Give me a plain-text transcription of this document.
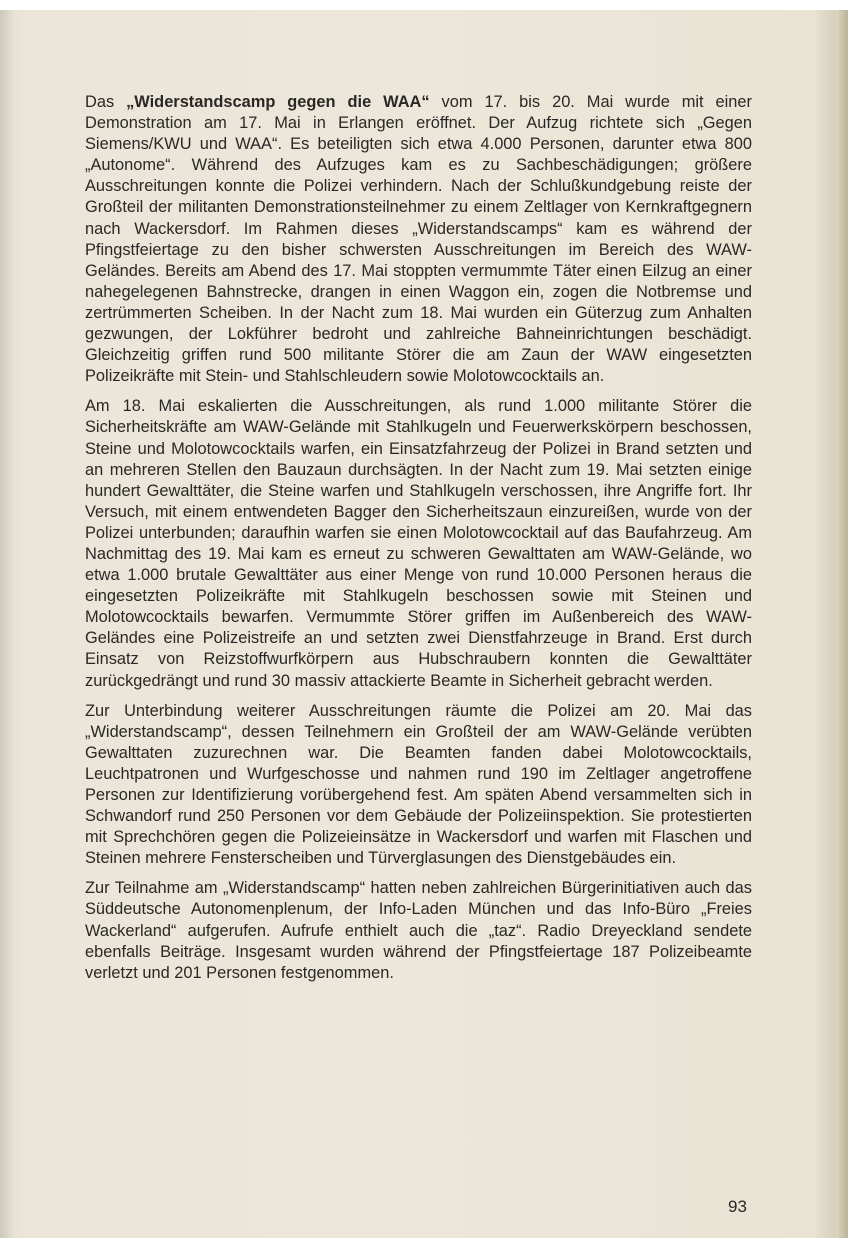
Das „Widerstandscamp gegen die WAA“ vom 17. bis 20. Mai wurde mit einer Demonstration am 17. Mai in Erlangen eröffnet. Der Aufzug richtete sich „Gegen Siemens/KWU und WAA“. Es beteiligten sich etwa 4.000 Personen, darunter etwa 800 „Autonome“. Während des Aufzuges kam es zu Sachbeschädigungen; größere Ausschreitungen konnte die Polizei verhindern. Nach der Schlußkundgebung reiste der Großteil der militanten Demonstrationsteilnehmer zu einem Zeltlager von Kernkraftgegnern nach Wackersdorf. Im Rahmen dieses „Widerstandscamps“ kam es während der Pfingstfeiertage zu den bisher schwersten Ausschreitungen im Bereich des WAW-Geländes. Bereits am Abend des 17. Mai stoppten vermummte Täter einen Eilzug an einer nahegelegenen Bahnstrecke, drangen in einen Waggon ein, zogen die Notbremse und zertrümmerten Scheiben. In der Nacht zum 18. Mai wurden ein Güterzug zum Anhalten gezwungen, der Lokführer bedroht und zahlreiche Bahneinrichtungen beschädigt. Gleichzeitig griffen rund 500 militante Störer die am Zaun der WAW eingesetzten Polizeikräfte mit Stein- und Stahlschleudern sowie Molotowcocktails an.

Am 18. Mai eskalierten die Ausschreitungen, als rund 1.000 militante Störer die Sicherheitskräfte am WAW-Gelände mit Stahlkugeln und Feuerwerkskörpern beschossen, Steine und Molotowcocktails warfen, ein Einsatzfahrzeug der Polizei in Brand setzten und an mehreren Stellen den Bauzaun durchsägten. In der Nacht zum 19. Mai setzten einige hundert Gewalttäter, die Steine warfen und Stahlkugeln verschossen, ihre Angriffe fort. Ihr Versuch, mit einem entwendeten Bagger den Sicherheitszaun einzureißen, wurde von der Polizei unterbunden; daraufhin warfen sie einen Molotowcocktail auf das Baufahrzeug. Am Nachmittag des 19. Mai kam es erneut zu schweren Gewalttaten am WAW-Gelände, wo etwa 1.000 brutale Gewalttäter aus einer Menge von rund 10.000 Personen heraus die eingesetzten Polizeikräfte mit Stahlkugeln beschossen sowie mit Steinen und Molotowcocktails bewarfen. Vermummte Störer griffen im Außenbereich des WAW-Geländes eine Polizeistreife an und setzten zwei Dienstfahrzeuge in Brand. Erst durch Einsatz von Reizstoffwurfkörpern aus Hubschraubern konnten die Gewalttäter zurückgedrängt und rund 30 massiv attackierte Beamte in Sicherheit gebracht werden.

Zur Unterbindung weiterer Ausschreitungen räumte die Polizei am 20. Mai das „Widerstandscamp“, dessen Teilnehmern ein Großteil der am WAW-Gelände verübten Gewalttaten zuzurechnen war. Die Beamten fanden dabei Molotowcocktails, Leuchtpatronen und Wurfgeschosse und nahmen rund 190 im Zeltlager angetroffene Personen zur Identifizierung vorübergehend fest. Am späten Abend versammelten sich in Schwandorf rund 250 Personen vor dem Gebäude der Polizeiinspektion. Sie protestierten mit Sprechchören gegen die Polizeieinsätze in Wackersdorf und warfen mit Flaschen und Steinen mehrere Fensterscheiben und Türverglasungen des Dienstgebäudes ein.

Zur Teilnahme am „Widerstandscamp“ hatten neben zahlreichen Bürgerinitiativen auch das Süddeutsche Autonomenplenum, der Info-Laden München und das Info-Büro „Freies Wackerland“ aufgerufen. Aufrufe enthielt auch die „taz“. Radio Dreyeckland sendete ebenfalls Beiträge. Insgesamt wurden während der Pfingstfeiertage 187 Polizeibeamte verletzt und 201 Personen festgenommen.

93
